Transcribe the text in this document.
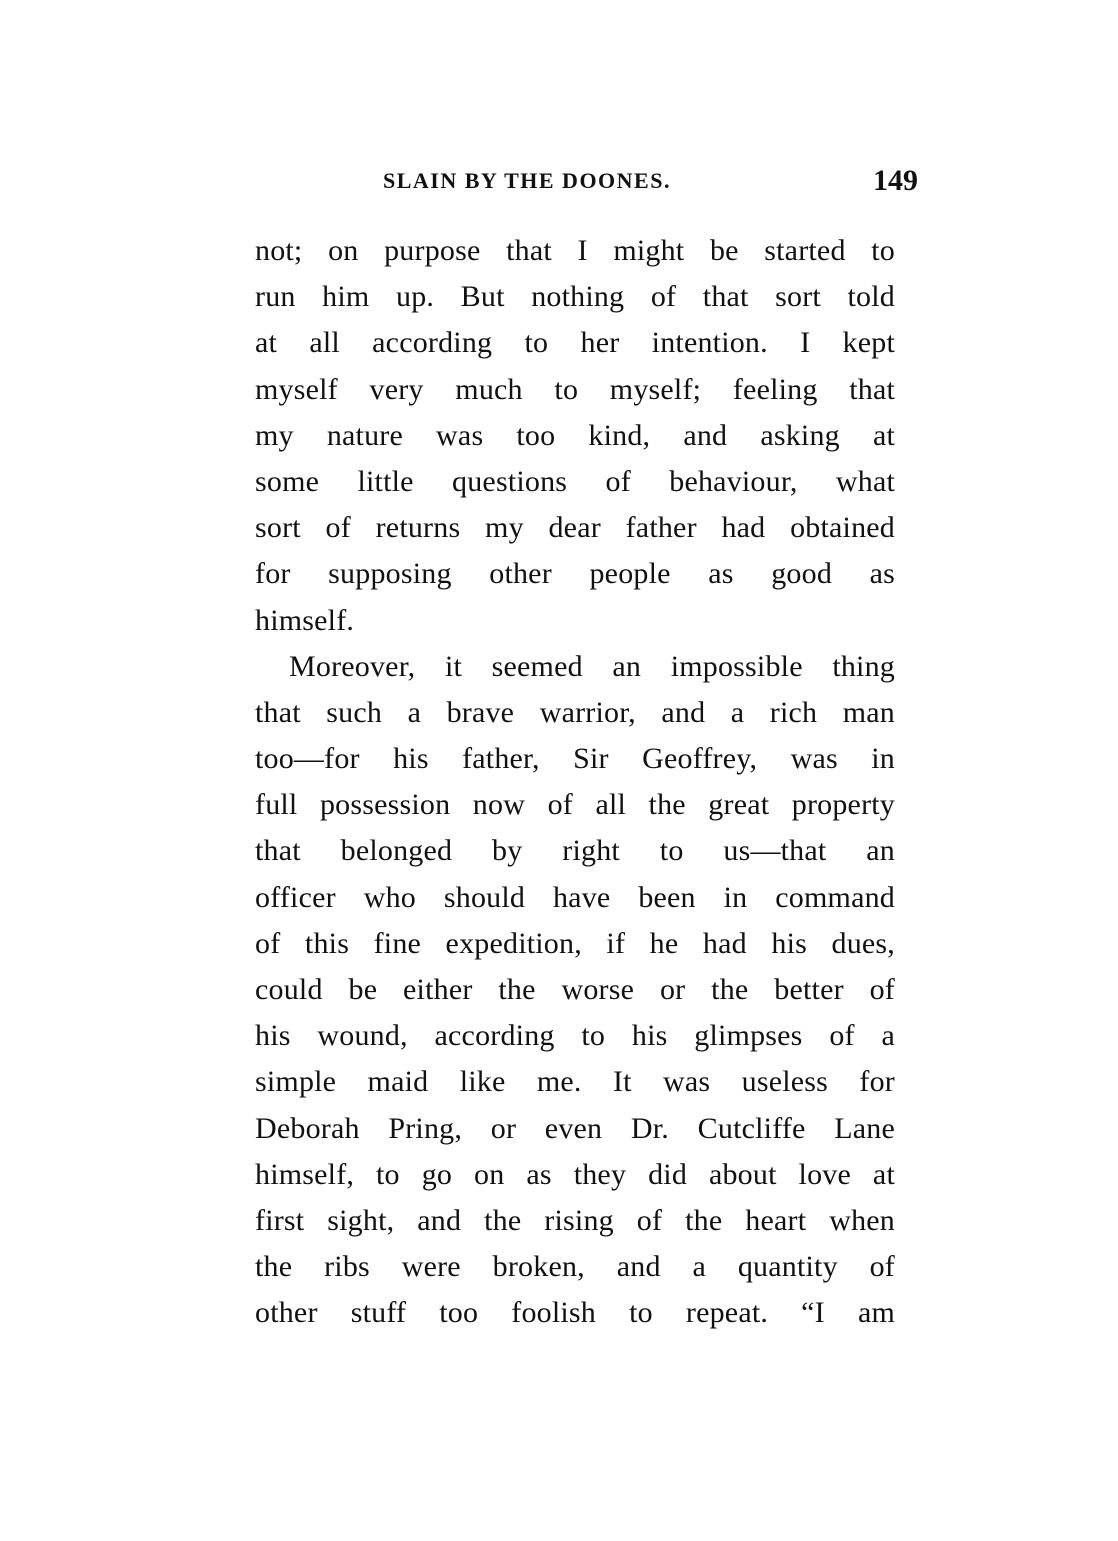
SLAIN BY THE DOONES.	149
not; on purpose that I might be started to
run him up. But nothing of that sort told
at all according to her intention. I kept
myself very much to myself; feeling that
my nature was too kind, and asking at
some little questions of behaviour, what
sort of returns my dear father had obtained
for supposing other people as good as
himself.
Moreover, it seemed an impossible thing
that such a brave warrior, and a rich man
too—for his father, Sir Geoffrey, was in
full possession now of all the great property
that belonged by right to us—that an
officer who should have been in command
of this fine expedition, if he had his dues,
could be either the worse or the better of
his wound, according to his glimpses of a
simple maid like me. It was useless for
Deborah Pring, or even Dr. Cutcliffe Lane
himself, to go on as they did about love at
first sight, and the rising of the heart when
the ribs were broken, and a quantity of
other stuff too foolish to repeat. “I am
